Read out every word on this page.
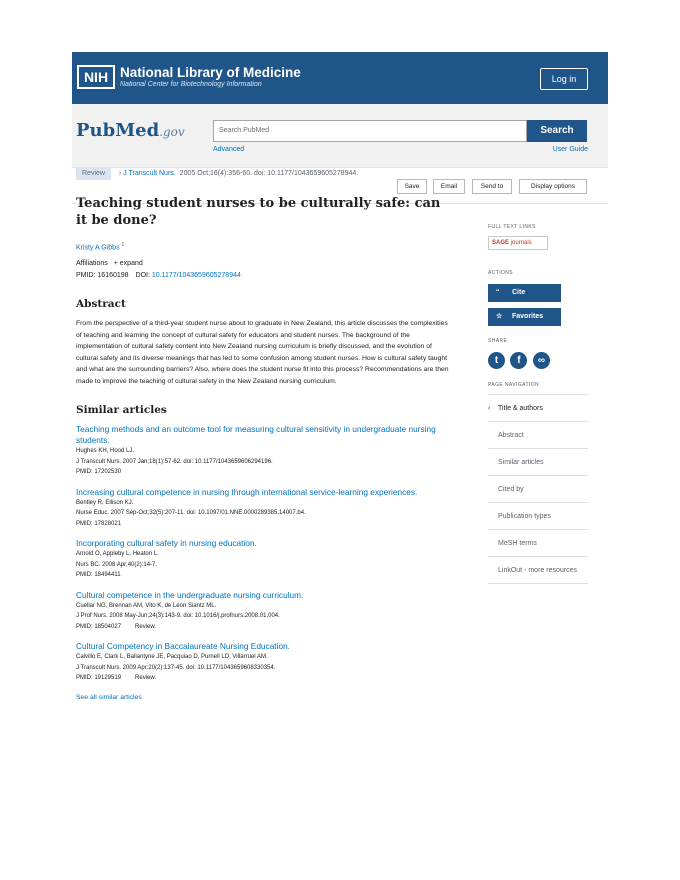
NIH National Library of Medicine
National Center for Biotechnology Information
Log in
PubMed.gov	Search PubMed	Search
Advanced	User Guide
Save	Email	Send to	Display options
Review › J Transcult Nurs. 2005 Oct;16(4):356-60. doi: 10.1177/1043659605278944.
Teaching student nurses to be culturally safe: can it be done?
Kristy A Gibbs $^1$
Affiliations + expand
PMID: 16160198 DOI: 10.1177/1043659605278944
Abstract
From the perspective of a third-year student nurse about to graduate in New Zealand, this article discusses the complexities of teaching and learning the concept of cultural safety for educators and student nurses. The background of the implementation of cultural safety content into New Zealand nursing curriculum is briefly discussed, and the evolution of cultural safety and its diverse meanings that has led to some confusion among student nurses. How is cultural safety taught and what are the surrounding barriers? Also, where does the student nurse fit into this process? Recommendations are then made to improve the teaching of cultural safety in the New Zealand nursing curriculum.
Similar articles
Teaching methods and an outcome tool for measuring cultural sensitivity in undergraduate nursing students.
Hughes KH, Hood LJ.
J Transcult Nurs. 2007 Jan;18(1):57-62. doi: 10.1177/1043659606294196.
PMID: 17202530
Increasing cultural competence in nursing through international service-learning experiences.
Bentley R, Ellison KJ.
Nurse Educ. 2007 Sep-Oct;32(5):207-11. doi: 10.1097/01.NNE.0000289385.14007.b4.
PMID: 17828021
Incorporating cultural safety in nursing education.
Arnold O, Appleby L, Heaton L.
Nurs BC. 2008 Apr;40(2):14-7.
PMID: 18494411
Cultural competence in the undergraduate nursing curriculum.
Cuellar NG, Brennan AM, Vito K, de Leon Siantz ML.
J Prof Nurs. 2008 May-Jun;24(3):143-9. doi: 10.1016/j.profnurs.2008.01.004.
PMID: 18504027 Review.
Cultural Competency in Baccalaureate Nursing Education.
Calvillo E, Clark L, Ballantyne JE, Pacquiao D, Purnell LD, Villarruel AM.
J Transcult Nurs. 2009 Apr;20(2):137-45. doi: 10.1177/1043659608330354.
PMID: 19129519 Review.
See all similar articles
FULL TEXT LINKS
SAGE journals
ACTIONS
“ Cite
☆ Favorites
SHARE
t f ∞
PAGE NAVIGATION
‹ Title & authors
Abstract
Similar articles
Cited by
Publication types
MeSH terms
LinkOut - more resources
